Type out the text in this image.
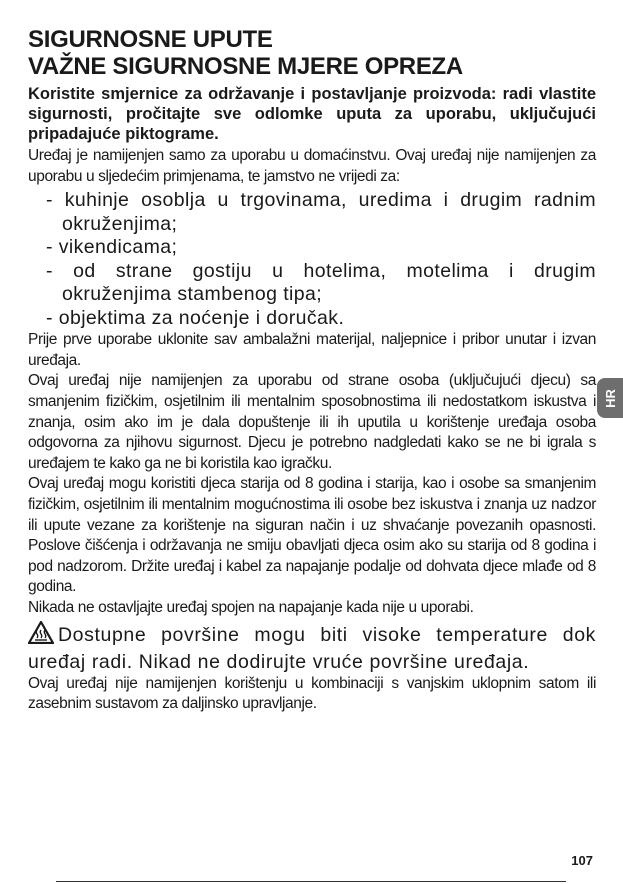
SIGURNOSNE UPUTE
VAŽNE SIGURNOSNE MJERE OPREZA

Koristite smjernice za održavanje i postavljanje proizvoda: radi vlastite sigurnosti, pročitajte sve odlomke uputa za uporabu, uključujući pripadajuće piktograme.

Uređaj je namijenjen samo za uporabu u domaćinstvu. Ovaj uređaj nije namijenjen za uporabu u sljedećim primjenama, te jamstvo ne vrijedi za:

- kuhinje osoblja u trgovinama, uredima i drugim radnim okruženjima;
- vikendicama;
- od strane gostiju u hotelima, motelima i drugim okruženjima stambenog tipa;
- objektima za noćenje i doručak.

Prije prve uporabe uklonite sav ambalažni materijal, naljepnice i pribor unutar i izvan uređaja.

Ovaj uređaj nije namijenjen za uporabu od strane osoba (uključujući djecu) sa smanjenim fizičkim, osjetilnim ili mentalnim sposobnostima ili nedostatkom iskustva i znanja, osim ako im je dala dopuštenje ili ih uputila u korištenje uređaja osoba odgovorna za njihovu sigurnost. Djecu je potrebno nadgledati kako se ne bi igrala s uređajem te kako ga ne bi koristila kao igračku.

Ovaj uređaj mogu koristiti djeca starija od 8 godina i starija, kao i osobe sa smanjenim fizičkim, osjetilnim ili mentalnim mogućnostima ili osobe bez iskustva i znanja uz nadzor ili upute vezane za korištenje na siguran način i uz shvaćanje povezanih opasnosti. Poslove čišćenja i održavanja ne smiju obavljati djeca osim ako su starija od 8 godina i pod nadzorom. Držite uređaj i kabel za napajanje podalje od dohvata djece mlađe od 8 godina.

Nikada ne ostavljajte uređaj spojen na napajanje kada nije u uporabi.

Dostupne površine mogu biti visoke temperature dok uređaj radi. Nikad ne dodirujte vruće površine uređaja.

Ovaj uređaj nije namijenjen korištenju u kombinaciji s vanjskim uklopnim satom ili zasebnim sustavom za daljinsko upravljanje.

HR
107
